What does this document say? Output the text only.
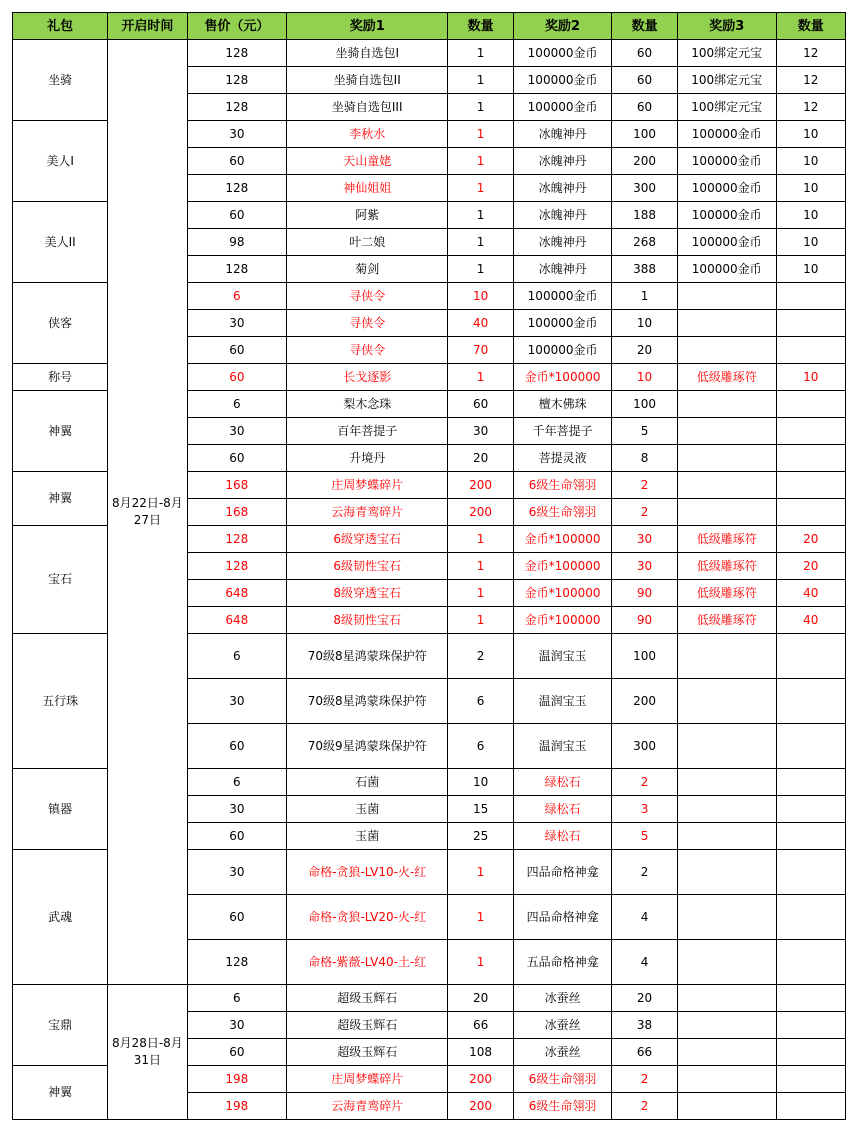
礼包	开启时间	售价（元）	奖励1	数量	奖励2	数量	奖励3	数量
坐骑	8月22日-8月27日	128	坐骑自选包I	1	100000金币	60	100绑定元宝	12
		128	坐骑自选包II	1	100000金币	60	100绑定元宝	12
		128	坐骑自选包III	1	100000金币	60	100绑定元宝	12
美人I		30	李秋水	1	冰魄神丹	100	100000金币	10
		60	天山童姥	1	冰魄神丹	200	100000金币	10
		128	神仙姐姐	1	冰魄神丹	300	100000金币	10
美人II		60	阿紫	1	冰魄神丹	188	100000金币	10
		98	叶二娘	1	冰魄神丹	268	100000金币	10
		128	菊剑	1	冰魄神丹	388	100000金币	10
侠客		6	寻侠令	10	100000金币	1		
		30	寻侠令	40	100000金币	10		
		60	寻侠令	70	100000金币	20		
称号		60	长戈逐影	1	金币*100000	10	低级雕琢符	10
神翼		6	梨木念珠	60	檀木佛珠	100		
		30	百年菩提子	30	千年菩提子	5		
		60	升境丹	20	菩提灵液	8		
神翼		168	庄周梦蝶碎片	200	6级生命翎羽	2		
		168	云海青鸾碎片	200	6级生命翎羽	2		
宝石		128	6级穿透宝石	1	金币*100000	30	低级雕琢符	20
		128	6级韧性宝石	1	金币*100000	30	低级雕琢符	20
		648	8级穿透宝石	1	金币*100000	90	低级雕琢符	40
		648	8级韧性宝石	1	金币*100000	90	低级雕琢符	40
五行珠		6	70级8星鸿蒙珠保护符	2	温润宝玉	100		
		30	70级8星鸿蒙珠保护符	6	温润宝玉	200		
		60	70级9星鸿蒙珠保护符	6	温润宝玉	300		
镇器		6	石菌	10	绿松石	2		
		30	玉菌	15	绿松石	3		
		60	玉菌	25	绿松石	5		
武魂		30	命格-贪狼-LV10-火-红	1	四品命格神龛	2		
		60	命格-贪狼-LV20-火-红	1	四品命格神龛	4		
		128	命格-紫薇-LV40-土-红	1	五品命格神龛	4		
宝鼎	8月28日-8月31日	6	超级玉辉石	20	冰蚕丝	20		
		30	超级玉辉石	66	冰蚕丝	38		
		60	超级玉辉石	108	冰蚕丝	66		
神翼		198	庄周梦蝶碎片	200	6级生命翎羽	2		
		198	云海青鸾碎片	200	6级生命翎羽	2		
